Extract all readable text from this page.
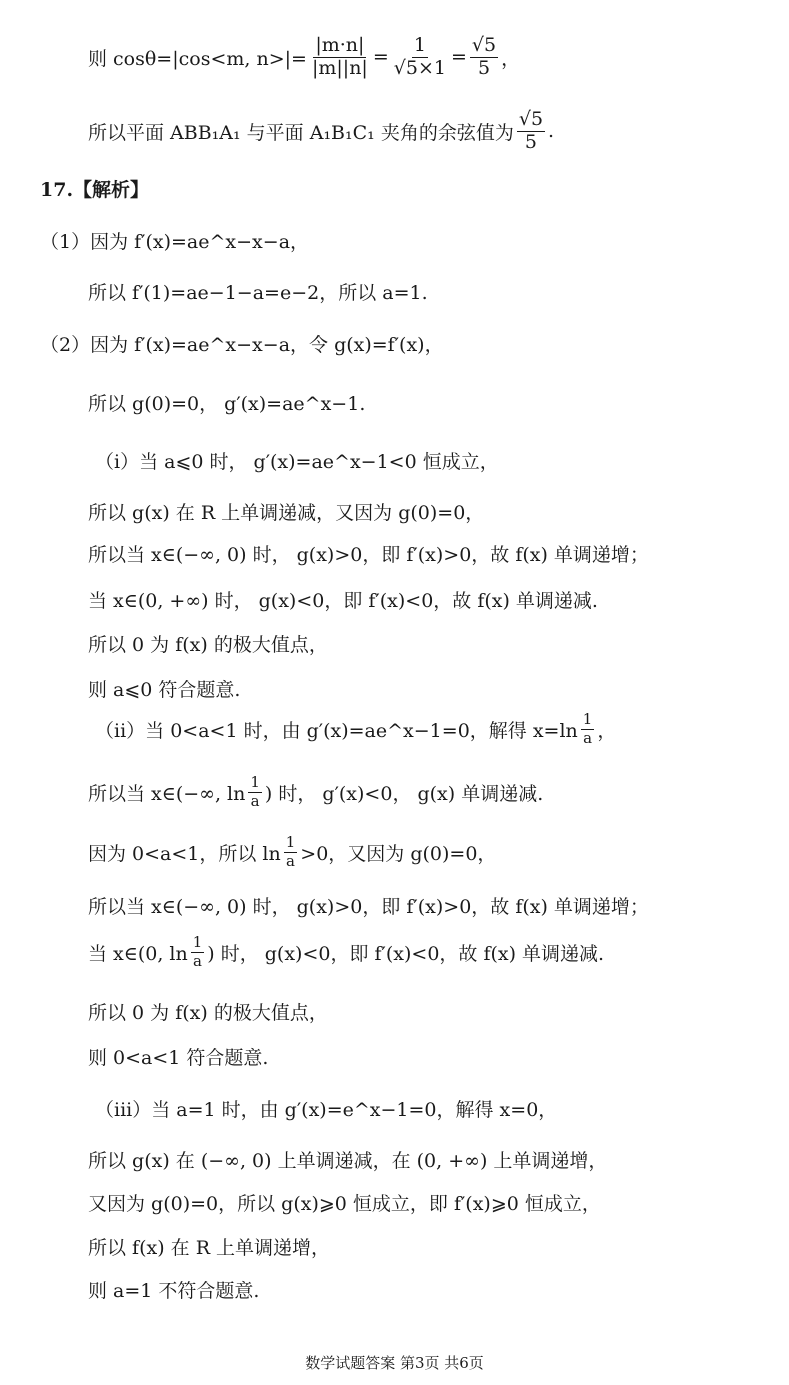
则 cosθ=|cos<m, $n>|= \frac{|m\cdot n|}{|m||n|} = \frac{1}{√5\times 1} = \frac{√5}{5}$ ，
所以平面 ABB₁A₁ 与平面 A₁B₁C₁ 夹角的余弦值为 $\frac{√5}{5}$ .
17.【解析】
（1）因为 f′(x)=ae^x−x−a，
所以 f′(1)=ae−1−a=e−2，所以 a=1.
（2）因为 f′(x)=ae^x−x−a，令 g(x)=f′(x)，
所以 g(0)=0， g′(x)=ae^x−1.
（i）当 a⩽0 时， g′(x)=ae^x−1<0 恒成立，
所以 g(x) 在 R 上单调递减，又因为 g(0)=0，
所以当 x∈(−∞, 0) 时， g(x)>0，即 f′(x)>0，故 f(x) 单调递增；
当 x∈(0, +∞) 时， g(x)<0，即 f′(x)<0，故 f(x) 单调递减.
所以 0 为 f(x) 的极大值点，
则 a⩽0 符合题意.
（ii）当 0<a<1 时，由 g′(x)=ae^x−1=0，解得 $x=\ln \frac{1}{a}$ ，
所以当 x∈(−∞, $\ln \frac{1}{a}$ ) 时， g′(x)<0， g(x) 单调递减.
因为 0<a<1，所以 $\ln \frac{1}{a} >0$，又因为 g(0)=0，
所以当 x∈(−∞, 0) 时， g(x)>0，即 f′(x)>0，故 f(x) 单调递增；
当 x∈(0, $\ln \frac{1}{a}$ ) 时， g(x)<0，即 f′(x)<0，故 f(x) 单调递减.
所以 0 为 f(x) 的极大值点，
则 0<a<1 符合题意.
（iii）当 a=1 时，由 g′(x)=e^x−1=0，解得 x=0，
所以 g(x) 在 (−∞, 0) 上单调递减，在 (0, +∞) 上单调递增，
又因为 g(0)=0，所以 g(x)⩾0 恒成立，即 f′(x)⩾0 恒成立，
所以 f(x) 在 R 上单调递增，
则 a=1 不符合题意.
数学试题答案 第3页 共6页
